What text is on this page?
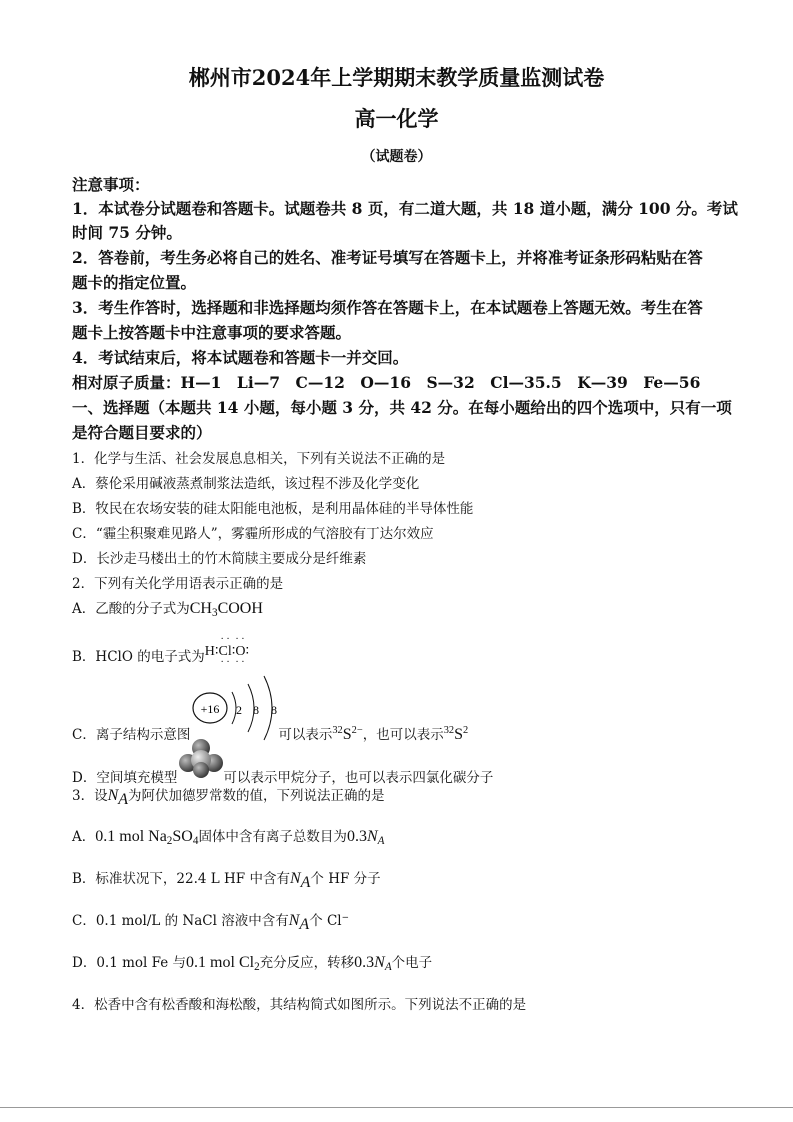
郴州市2024年上学期期末教学质量监测试卷
高一化学
（试题卷）
注意事项：
1．本试卷分试题卷和答题卡。试题卷共 8 页，有二道大题，共 18 道小题，满分 100 分。考试
时间 75 分钟。
2．答卷前，考生务必将自己的姓名、准考证号填写在答题卡上，并将准考证条形码粘贴在答
题卡的指定位置。
3．考生作答时，选择题和非选择题均须作答在答题卡上，在本试题卷上答题无效。考生在答
题卡上按答题卡中注意事项的要求答题。
4．考试结束后，将本试题卷和答题卡一并交回。
相对原子质量：H—1　Li—7　C—12　O—16　S—32　Cl—35.5　K—39　Fe—56
一、选择题（本题共 14 小题，每小题 3 分，共 42 分。在每小题给出的四个选项中，只有一项
是符合题目要求的）
1．化学与生活、社会发展息息相关，下列有关说法不正确的是
A．蔡伦采用碱液蒸煮制浆法造纸，该过程不涉及化学变化
B．牧民在农场安装的硅太阳能电池板，是利用晶体硅的半导体性能
C．“霾尘积聚难见路人”，雾霾所形成的气溶胶有丁达尔效应
D．长沙走马楼出土的竹木简牍主要成分是纤维素
2．下列有关化学用语表示正确的是
A．乙酸的分子式为$CH_3COOH$
B．HClO 的电子式为H∶
· ·
Cl
· ·
∶
· ·
O
· ·
∶
+16 2 8 8
C．离子结构示意图	可以表示$^{32}S^{2-}$，也可以表示$^{32}S^2$
D．空间填充模型	可以表示甲烷分子，也可以表示四氯化碳分子
3．设NA为阿伏加德罗常数的值，下列说法正确的是
A．0.1 mol $Na_2SO_4$固体中含有离子总数目为$0.3N_A$
B．标准状况下，22.4 L HF 中含有NA个 HF 分子
C．0.1 mol/L 的 NaCl 溶液中含有NA个 Cl−
D．0.1 mol Fe 与0.1 mol $Cl_2$充分反应，转移$0.3N_A$个电子
4．松香中含有松香酸和海松酸，其结构简式如图所示。下列说法不正确的是
